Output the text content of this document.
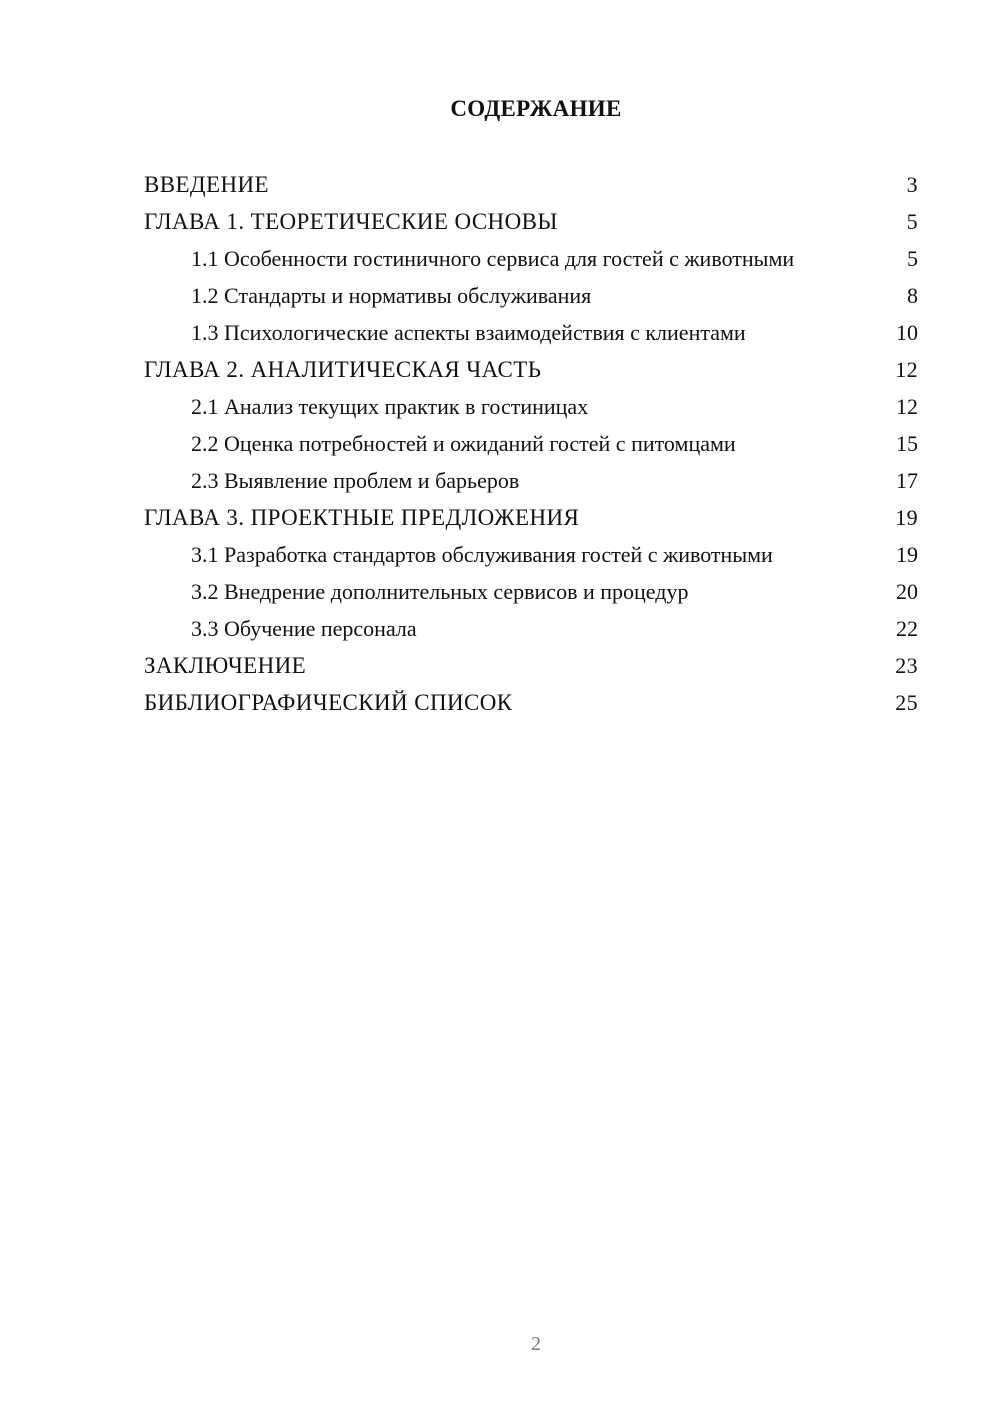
СОДЕРЖАНИЕ
ВВЕДЕНИЕ	3
ГЛАВА 1. ТЕОРЕТИЧЕСКИЕ ОСНОВЫ	5
1.1 Особенности гостиничного сервиса для гостей с животными	5
1.2 Стандарты и нормативы обслуживания	8
1.3 Психологические аспекты взаимодействия с клиентами	10
ГЛАВА 2. АНАЛИТИЧЕСКАЯ ЧАСТЬ	12
2.1 Анализ текущих практик в гостиницах	12
2.2 Оценка потребностей и ожиданий гостей с питомцами	15
2.3 Выявление проблем и барьеров	17
ГЛАВА 3. ПРОЕКТНЫЕ ПРЕДЛОЖЕНИЯ	19
3.1 Разработка стандартов обслуживания гостей с животными	19
3.2 Внедрение дополнительных сервисов и процедур	20
3.3 Обучение персонала	22
ЗАКЛЮЧЕНИЕ	23
БИБЛИОГРАФИЧЕСКИЙ СПИСОК	25
2
